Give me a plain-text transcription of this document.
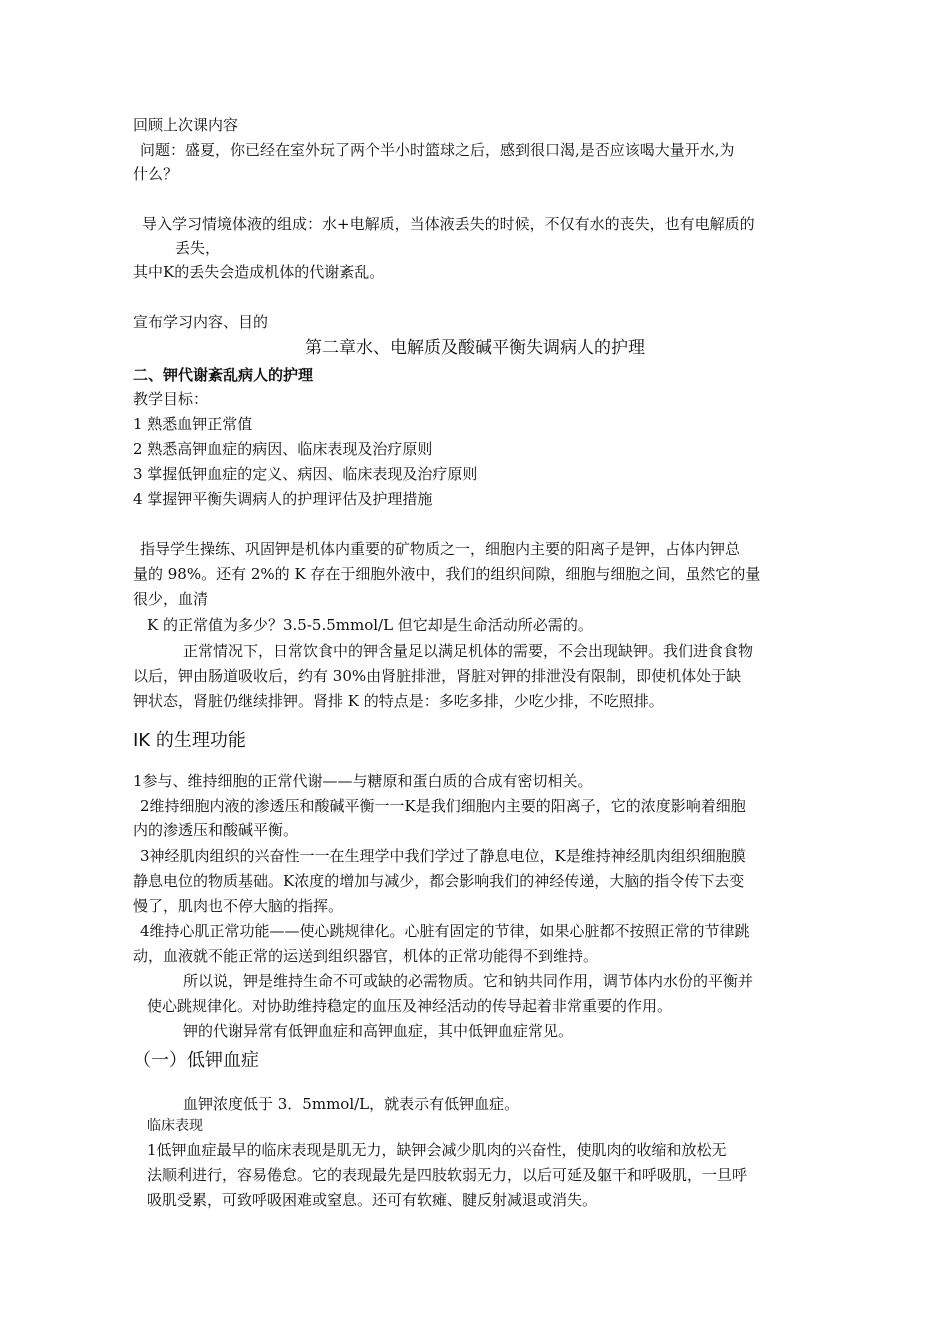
回顾上次课内容
问题：盛夏，你已经在室外玩了两个半小时篮球之后，感到很口渴,是否应该喝大量开水,为
什么？
导入学习情境体液的组成：水+电解质，当体液丢失的时候，不仅有水的丧失，也有电解质的
丢失，
其中K的丢失会造成机体的代谢紊乱。
宣布学习内容、目的
第二章水、电解质及酸碱平衡失调病人的护理
二、钾代谢紊乱病人的护理
教学目标：
1 熟悉血钾正常值
2 熟悉高钾血症的病因、临床表现及治疗原则
3 掌握低钾血症的定义、病因、临床表现及治疗原则
4 掌握钾平衡失调病人的护理评估及护理措施
指导学生操练、巩固钾是机体内重要的矿物质之一，细胞内主要的阳离子是钾，占体内钾总
量的 98%。还有 2%的 K 存在于细胞外液中，我们的组织间隙，细胞与细胞之间，虽然它的量
很少，血清
K 的正常值为多少？3.5-5.5mmol/L 但它却是生命活动所必需的。
正常情况下，日常饮食中的钾含量足以满足机体的需要，不会出现缺钾。我们进食食物
以后，钾由肠道吸收后，约有 30%由肾脏排泄，肾脏对钾的排泄没有限制，即使机体处于缺
钾状态，肾脏仍继续排钾。肾排 K 的特点是：多吃多排，少吃少排，不吃照排。
IK 的生理功能
1参与、维持细胞的正常代谢——与糖原和蛋白质的合成有密切相关。
2维持细胞内液的渗透压和酸碱平衡一一K是我们细胞内主要的阳离子，它的浓度影响着细胞
内的渗透压和酸碱平衡。
3神经肌肉组织的兴奋性一一在生理学中我们学过了静息电位，K是维持神经肌肉组织细胞膜
静息电位的物质基础。K浓度的增加与减少，都会影响我们的神经传递，大脑的指令传下去变
慢了，肌肉也不停大脑的指挥。
4维持心肌正常功能——使心跳规律化。心脏有固定的节律，如果心脏都不按照正常的节律跳
动，血液就不能正常的运送到组织器官，机体的正常功能得不到维持。
所以说，钾是维持生命不可或缺的必需物质。它和钠共同作用，调节体内水份的平衡并
使心跳规律化。对协助维持稳定的血压及神经活动的传导起着非常重要的作用。
钾的代谢异常有低钾血症和高钾血症，其中低钾血症常见。
（一）低钾血症
血钾浓度低于 3．5mmol/L，就表示有低钾血症。
临床表现
1低钾血症最早的临床表现是肌无力，缺钾会减少肌肉的兴奋性，使肌肉的收缩和放松无
法顺利进行，容易倦怠。它的表现最先是四肢软弱无力，以后可延及躯干和呼吸肌，一旦呼
吸肌受累，可致呼吸困难或窒息。还可有软瘫、腱反射减退或消失。
